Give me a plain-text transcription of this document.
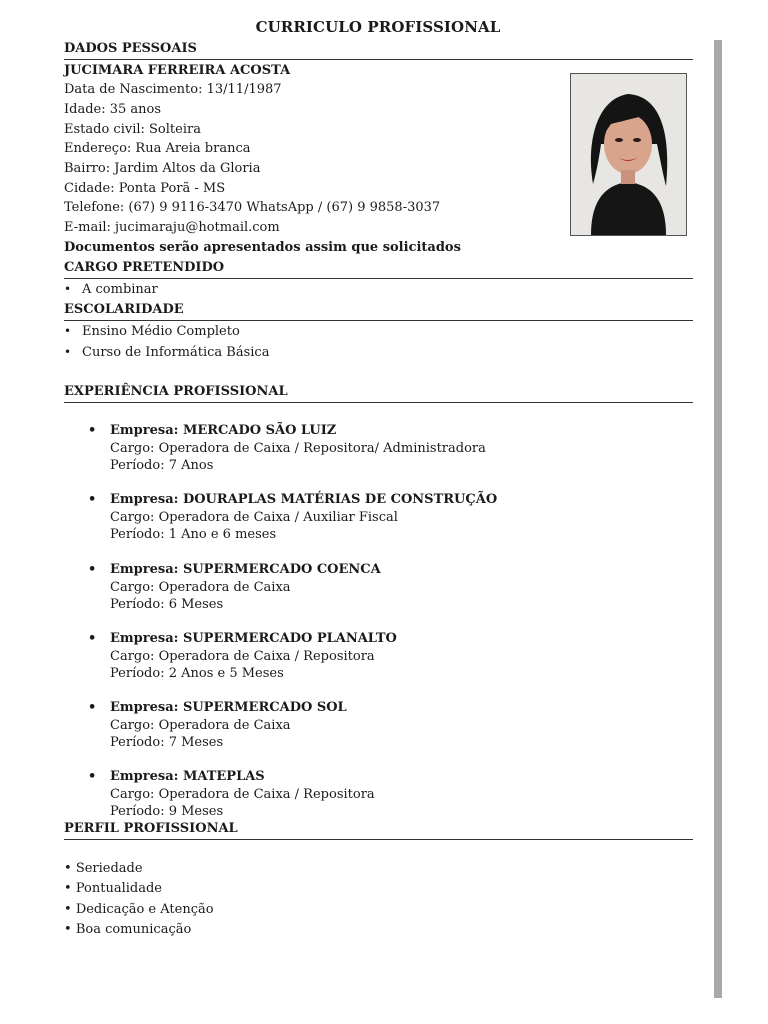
CURRICULO PROFISSIONAL
DADOS PESSOAIS
JUCIMARA FERREIRA ACOSTA
Data de Nascimento: 13/11/1987
Idade: 35 anos
Estado civil: Solteira
Endereço: Rua Areia branca
Bairro: Jardim Altos da Gloria
Cidade: Ponta Porã - MS
Telefone: (67) 9 9116-3470 WhatsApp / (67) 9 9858-3037
E-mail: jucimaraju@hotmail.com
Documentos serão apresentados assim que solicitados
CARGO PRETENDIDO
• A combinar
ESCOLARIDADE
• Ensino Médio Completo
• Curso de Informática Básica
EXPERIÊNCIA PROFISSIONAL
• Empresa: MERCADO SÃO LUIZ
Cargo: Operadora de Caixa / Repositora/ Administradora
Período: 7 Anos
• Empresa: DOURAPLAS MATÉRIAS DE CONSTRUÇÃO
Cargo: Operadora de Caixa / Auxiliar Fiscal
Período: 1 Ano e 6 meses
• Empresa: SUPERMERCADO COENCA
Cargo: Operadora de Caixa
Período: 6 Meses
• Empresa: SUPERMERCADO PLANALTO
Cargo: Operadora de Caixa / Repositora
Período: 2 Anos e 5 Meses
• Empresa: SUPERMERCADO SOL
Cargo: Operadora de Caixa
Período: 7 Meses
• Empresa: MATEPLAS
Cargo: Operadora de Caixa / Repositora
Período: 9 Meses
PERFIL PROFISSIONAL
• Seriedade
• Pontualidade
• Dedicação e Atenção
• Boa comunicação
